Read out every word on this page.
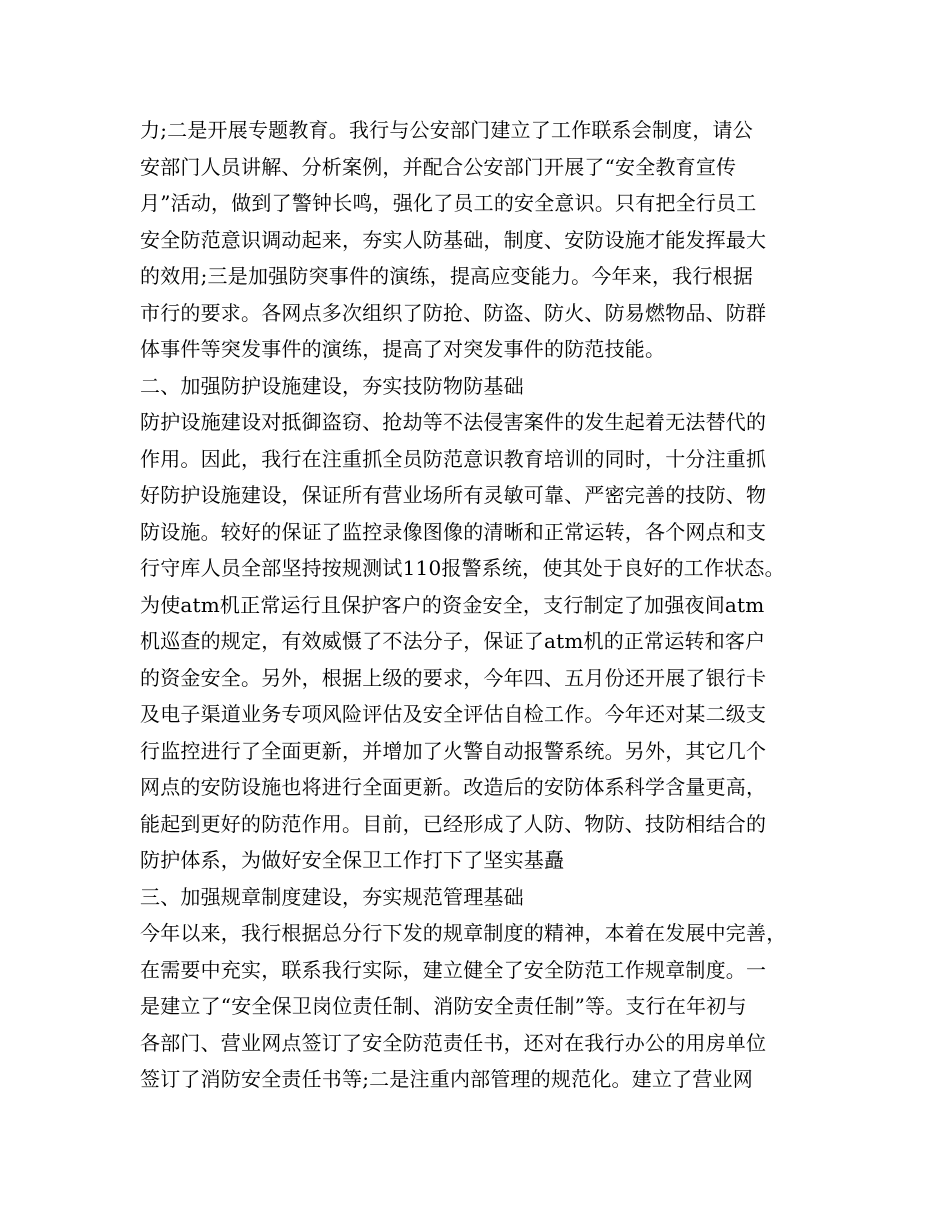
力;二是开展专题教育。我行与公安部门建立了工作联系会制度，请公
安部门人员讲解、分析案例，并配合公安部门开展了“安全教育宣传
月”活动，做到了警钟长鸣，强化了员工的安全意识。只有把全行员工
安全防范意识调动起来，夯实人防基础，制度、安防设施才能发挥最大
的效用;三是加强防突事件的演练，提高应变能力。今年来，我行根据
市行的要求。各网点多次组织了防抢、防盗、防火、防易燃物品、防群
体事件等突发事件的演练，提高了对突发事件的防范技能。
二、加强防护设施建设，夯实技防物防基础
防护设施建设对抵御盗窃、抢劫等不法侵害案件的发生起着无法替代的
作用。因此，我行在注重抓全员防范意识教育培训的同时，十分注重抓
好防护设施建设，保证所有营业场所有灵敏可靠、严密完善的技防、物
防设施。较好的保证了监控录像图像的清晰和正常运转，各个网点和支
行守库人员全部坚持按规测试110报警系统，使其处于良好的工作状态。
为使atm机正常运行且保护客户的资金安全，支行制定了加强夜间atm
机巡查的规定，有效威慑了不法分子，保证了atm机的正常运转和客户
的资金安全。另外，根据上级的要求，今年四、五月份还开展了银行卡
及电子渠道业务专项风险评估及安全评估自检工作。今年还对某二级支
行监控进行了全面更新，并增加了火警自动报警系统。另外，其它几个
网点的安防设施也将进行全面更新。改造后的安防体系科学含量更高，
能起到更好的防范作用。目前，已经形成了人防、物防、技防相结合的
防护体系，为做好安全保卫工作打下了坚实基矗
三、加强规章制度建设，夯实规范管理基础
今年以来，我行根据总分行下发的规章制度的精神，本着在发展中完善，
在需要中充实，联系我行实际，建立健全了安全防范工作规章制度。一
是建立了“安全保卫岗位责任制、消防安全责任制”等。支行在年初与
各部门、营业网点签订了安全防范责任书，还对在我行办公的用房单位
签订了消防安全责任书等;二是注重内部管理的规范化。建立了营业网
